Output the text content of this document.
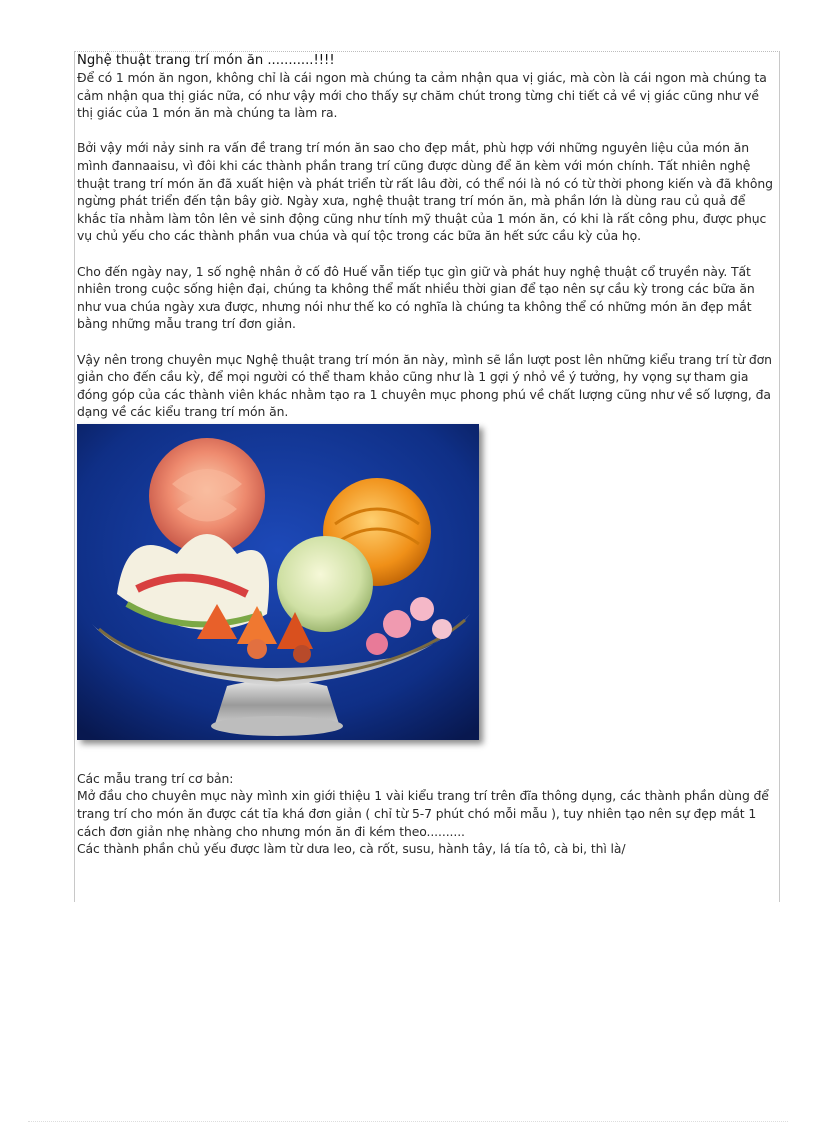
Nghệ thuật trang trí món ăn ...........!!!!

Để có 1 món ăn ngon, không chỉ là cái ngon mà chúng ta cảm nhận qua vị giác, mà còn là cái ngon mà chúng ta cảm nhận qua thị giác nữa, có như vậy mới cho thấy sự chăm chút trong từng chi tiết cả về vị giác cũng như về thị giác của 1 món ăn mà chúng ta làm ra.

Bởi vậy mới nảy sinh ra vấn đề trang trí món ăn sao cho đẹp mắt, phù hợp với những nguyên liệu của món ăn mình đannaaisu, vì đôi khi các thành phần trang trí cũng được dùng để ăn kèm với món chính. Tất nhiên nghệ thuật trang trí món ăn đã xuất hiện và phát triển từ rất lâu đời, có thể nói là nó có từ thời phong kiến và đã không ngừng phát triển đến tận bây giờ. Ngày xưa, nghệ thuật trang trí món ăn, mà phần lớn là dùng rau củ quả để khắc tỉa nhằm làm tôn lên vẻ sinh động cũng như tính mỹ thuật của 1 món ăn, có khi là rất công phu, được phục vụ chủ yếu cho các thành phần vua chúa và quí tộc trong các bữa ăn hết sức cầu kỳ của họ.

Cho đến ngày nay, 1 số nghệ nhân ở cố đô Huế vẫn tiếp tục gìn giữ và phát huy nghệ thuật cổ truyền này. Tất nhiên trong cuộc sống hiện đại, chúng ta không thể mất nhiều thời gian để tạo nên sự cầu kỳ trong các bữa ăn như vua chúa ngày xưa được, nhưng nói như thế ko có nghĩa là chúng ta không thể có những món ăn đẹp mắt bằng những mẫu trang trí đơn giản.

Vậy nên trong chuyên mục Nghệ thuật trang trí món ăn này, mình sẽ lần lượt post lên những kiểu trang trí từ đơn giản cho đến cầu kỳ, để mọi người có thể tham khảo cũng như là 1 gợi ý nhỏ về ý tưởng, hy vọng sự tham gia đóng góp của các thành viên khác nhằm tạo ra 1 chuyên mục phong phú về chất lượng cũng như về số lượng, đa dạng về các kiểu trang trí món ăn.

Các mẫu trang trí cơ bản:

Mở đầu cho chuyên mục này mình xin giới thiệu 1 vài kiểu trang trí trên đĩa thông dụng, các thành phần dùng để trang trí cho món ăn được cát tỉa khá đơn giản ( chỉ từ 5-7 phút chó mỗi mẫu ), tuy nhiên tạo nên sự đẹp mắt 1 cách đơn giản nhẹ nhàng cho nhưng món ăn đi kém theo..........

Các thành phần chủ yếu được làm từ dưa leo, cà rốt, susu, hành tây, lá tía tô, cà bi, thì là/
